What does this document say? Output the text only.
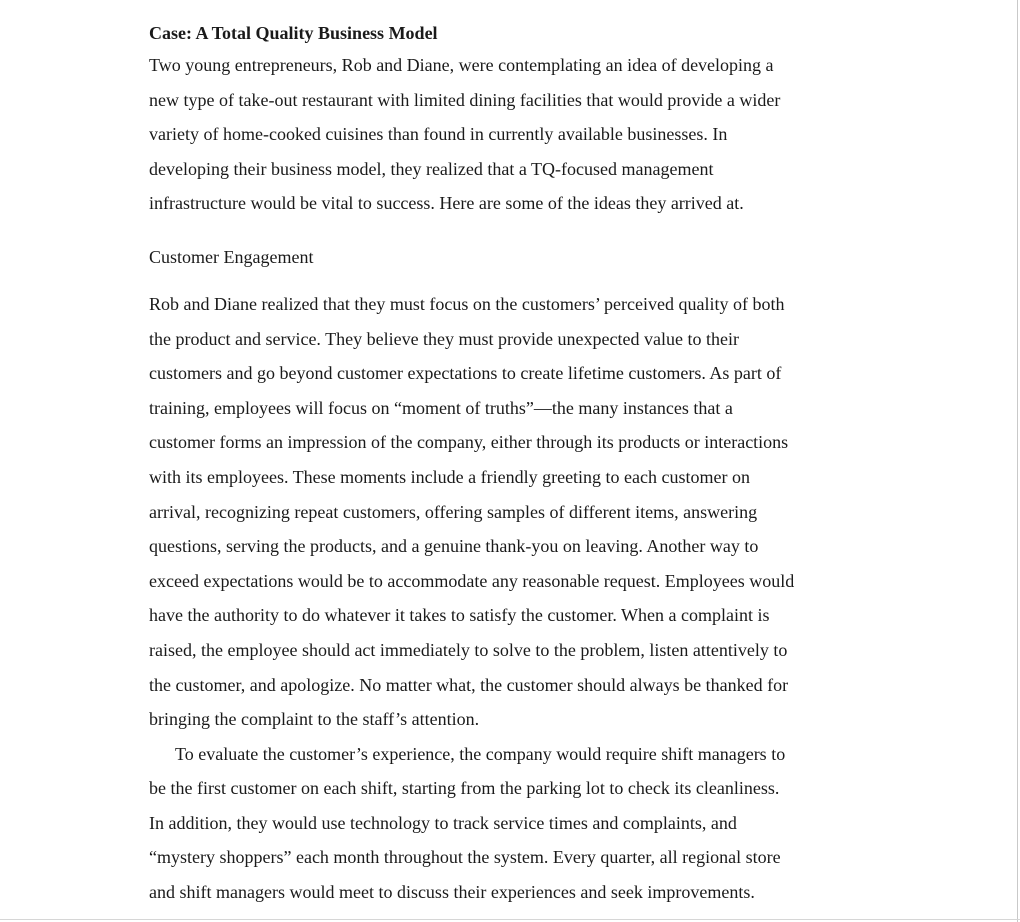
Case: A Total Quality Business Model

Two young entrepreneurs, Rob and Diane, were contemplating an idea of developing a

new type of take-out restaurant with limited dining facilities that would provide a wider

variety of home-cooked cuisines than found in currently available businesses. In

developing their business model, they realized that a TQ-focused management

infrastructure would be vital to success. Here are some of the ideas they arrived at.

Customer Engagement

Rob and Diane realized that they must focus on the customers’ perceived quality of both

the product and service. They believe they must provide unexpected value to their

customers and go beyond customer expectations to create lifetime customers. As part of

training, employees will focus on “moment of truths”—the many instances that a

customer forms an impression of the company, either through its products or interactions

with its employees. These moments include a friendly greeting to each customer on

arrival, recognizing repeat customers, offering samples of different items, answering

questions, serving the products, and a genuine thank-you on leaving. Another way to

exceed expectations would be to accommodate any reasonable request. Employees would

have the authority to do whatever it takes to satisfy the customer. When a complaint is

raised, the employee should act immediately to solve to the problem, listen attentively to

the customer, and apologize. No matter what, the customer should always be thanked for

bringing the complaint to the staff’s attention.

To evaluate the customer’s experience, the company would require shift managers to

be the first customer on each shift, starting from the parking lot to check its cleanliness.

In addition, they would use technology to track service times and complaints, and

“mystery shoppers” each month throughout the system. Every quarter, all regional store

and shift managers would meet to discuss their experiences and seek improvements.
